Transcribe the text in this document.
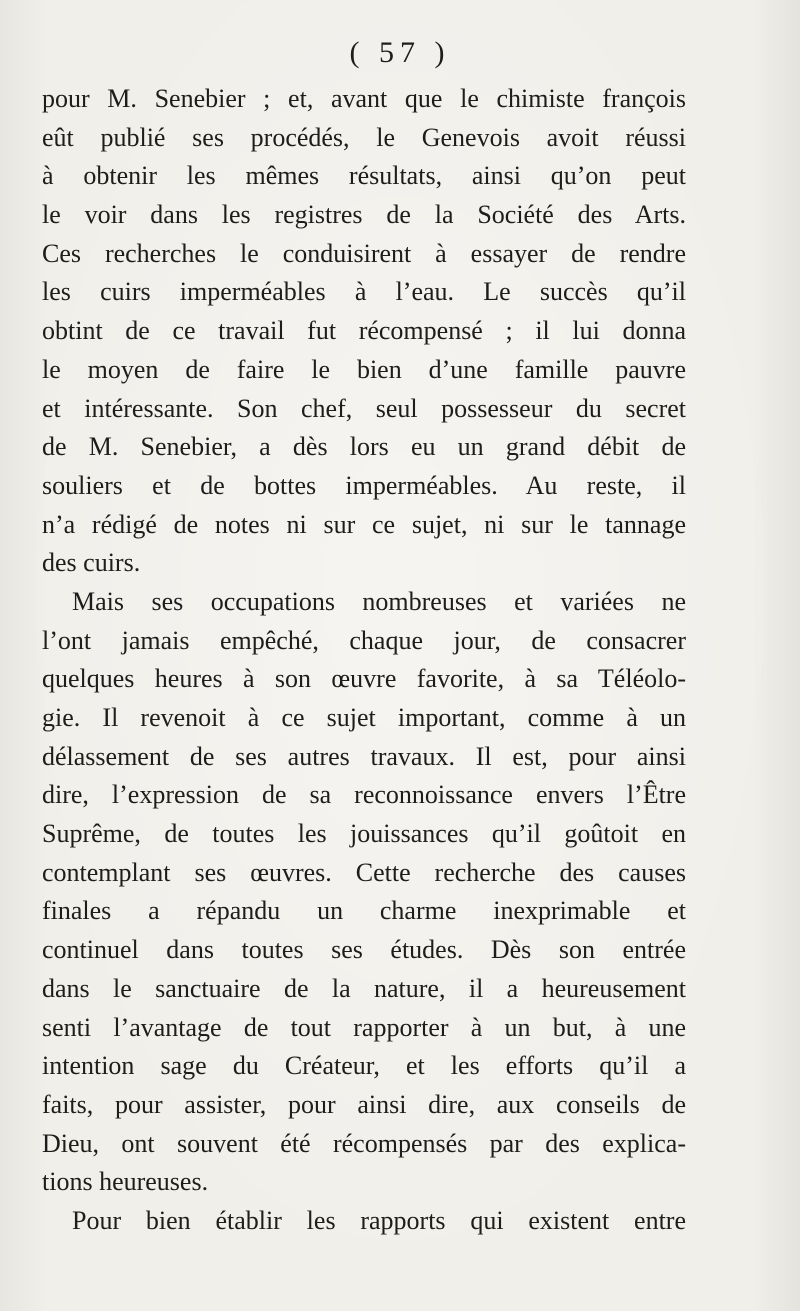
( 57 )
pour M. Senebier ; et, avant que le chimiste françois
eût publié ses procédés, le Genevois avoit réussi
à obtenir les mêmes résultats, ainsi qu’on peut
le voir dans les registres de la Société des Arts.
Ces recherches le conduisirent à essayer de rendre
les cuirs imperméables à l’eau. Le succès qu’il
obtint de ce travail fut récompensé ; il lui donna
le moyen de faire le bien d’une famille pauvre
et intéressante. Son chef, seul possesseur du secret
de M. Senebier, a dès lors eu un grand débit de
souliers et de bottes imperméables. Au reste, il
n’a rédigé de notes ni sur ce sujet, ni sur le tannage
des cuirs.
Mais ses occupations nombreuses et variées ne
l’ont jamais empêché, chaque jour, de consacrer
quelques heures à son œuvre favorite, à sa Téléolo-
gie. Il revenoit à ce sujet important, comme à un
délassement de ses autres travaux. Il est, pour ainsi
dire, l’expression de sa reconnoissance envers l’Être
Suprême, de toutes les jouissances qu’il goûtoit en
contemplant ses œuvres. Cette recherche des causes
finales a répandu un charme inexprimable et
continuel dans toutes ses études. Dès son entrée
dans le sanctuaire de la nature, il a heureusement
senti l’avantage de tout rapporter à un but, à une
intention sage du Créateur, et les efforts qu’il a
faits, pour assister, pour ainsi dire, aux conseils de
Dieu, ont souvent été récompensés par des explica-
tions heureuses.
Pour bien établir les rapports qui existent entre
